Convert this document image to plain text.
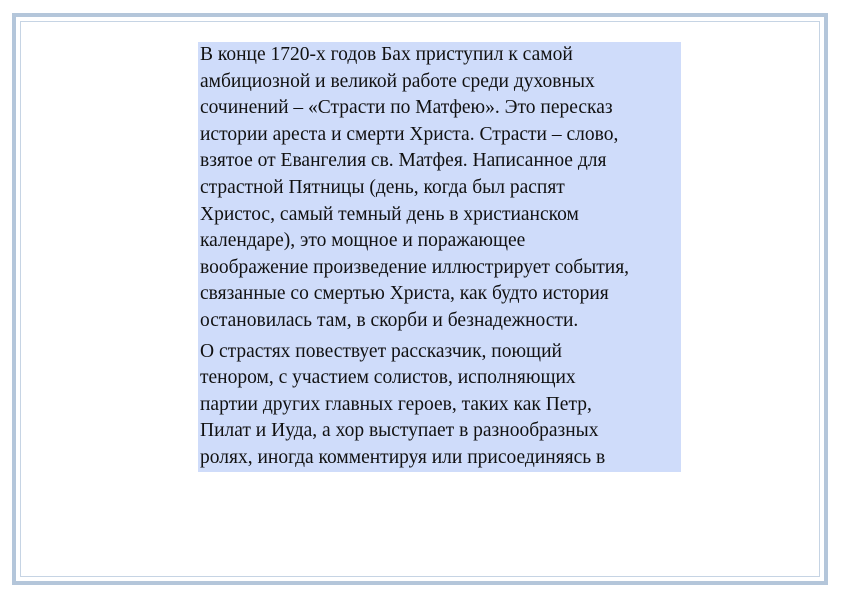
В конце 1720-х годов Бах приступил к самой
амбициозной и великой работе среди духовных
сочинений – «Страсти по Матфею». Это пересказ
истории ареста и смерти Христа. Страсти – слово,
взятое от Евангелия св. Матфея. Написанное для
страстной Пятницы (день, когда был распят
Христос, самый темный день в христианском
календаре), это мощное и поражающее
воображение произведение иллюстрирует события,
связанные со смертью Христа, как будто история
остановилась там, в скорби и безнадежности.

О страстях повествует рассказчик, поющий
тенором, с участием солистов, исполняющих
партии других главных героев, таких как Петр,
Пилат и Иуда, а хор выступает в разнообразных
ролях, иногда комментируя или присоединяясь в
